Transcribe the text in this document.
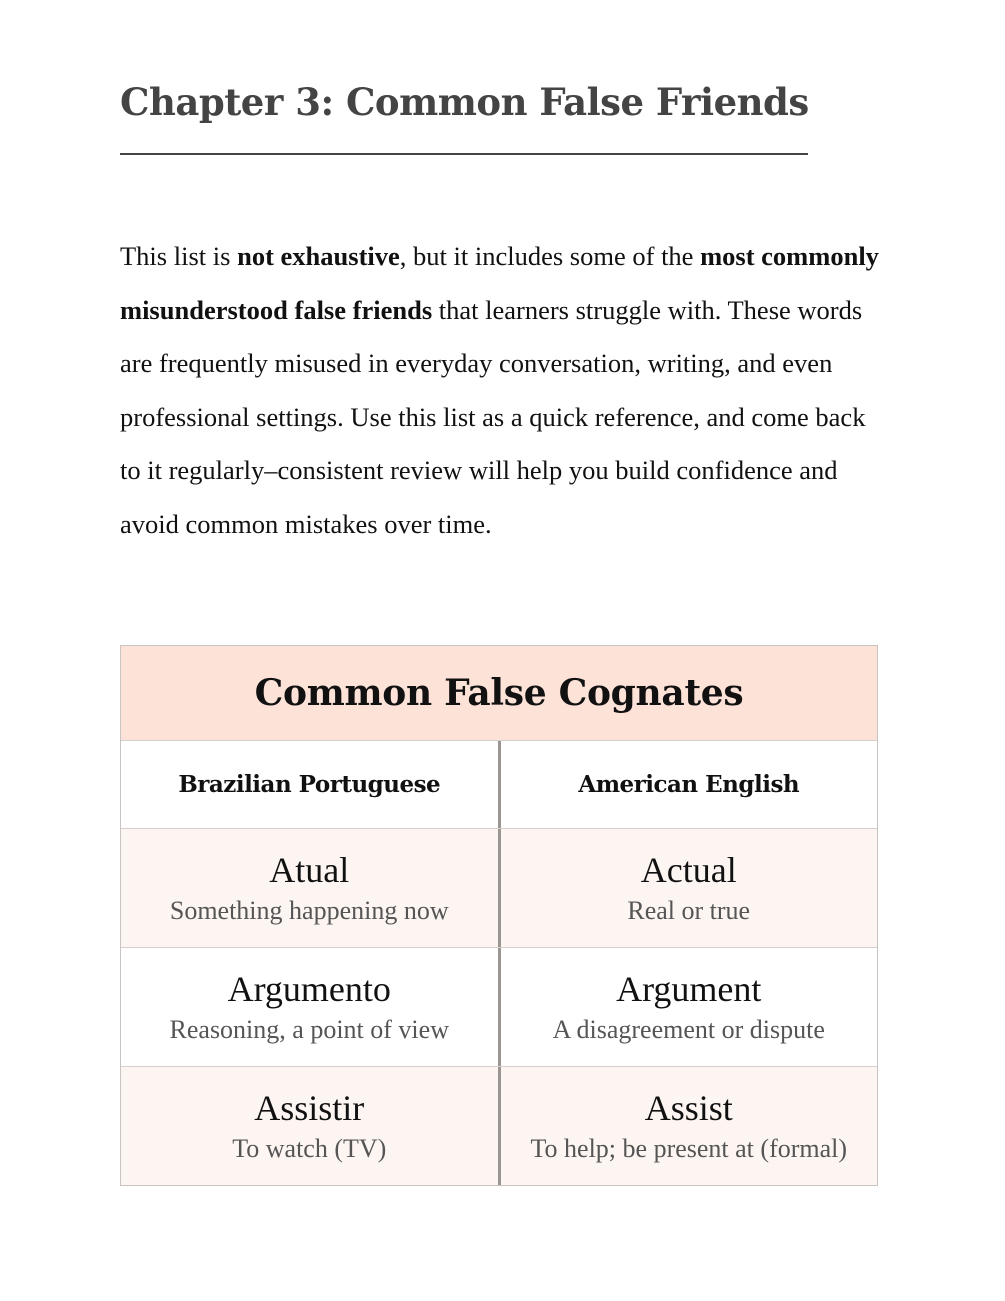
Chapter 3: Common False Friends

This list is not exhaustive, but it includes some of the most commonly misunderstood false friends that learners struggle with. These words are frequently misused in everyday conversation, writing, and even professional settings. Use this list as a quick reference, and come back to it regularly–consistent review will help you build confidence and avoid common mistakes over time.

Common False Cognates
Brazilian Portuguese	American English
Atual
Something happening now
Actual
Real or true
Argumento
Reasoning, a point of view
Argument
A disagreement or dispute
Assistir
To watch (TV)
Assist
To help; be present at (formal)
